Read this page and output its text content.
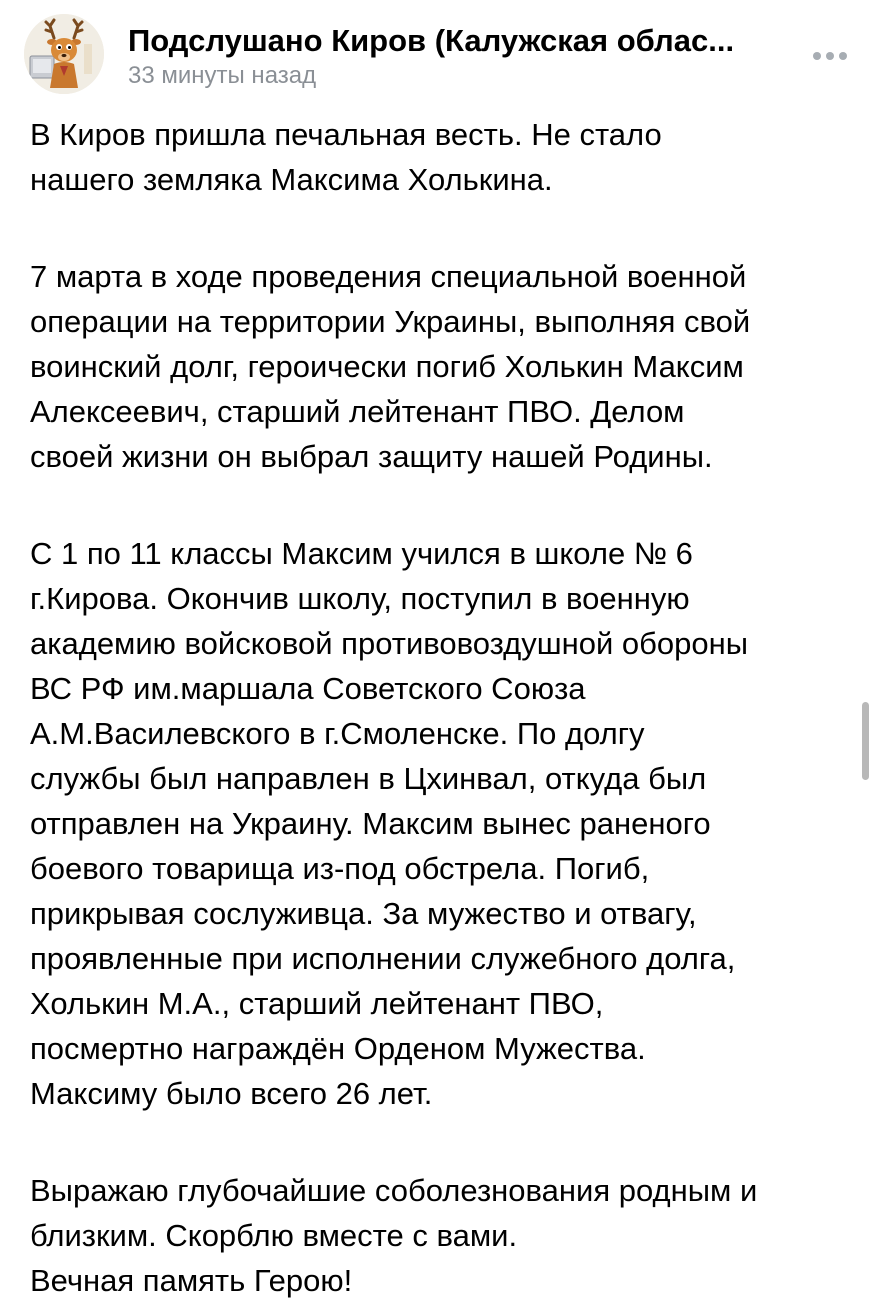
Подслушано Киров (Калужская облас...
33 минуты назад

В Киров пришла печальная весть. Не стало
нашего земляка Максима Холькина.

7 марта в ходе проведения специальной военной
операции на территории Украины, выполняя свой
воинский долг, героически погиб Холькин Максим
Алексеевич, старший лейтенант ПВО. Делом
своей жизни он выбрал защиту нашей Родины.

С 1 по 11 классы Максим учился в школе № 6
г.Кирова. Окончив школу, поступил в военную
академию войсковой противовоздушной обороны
ВС РФ им.маршала Советского Союза
А.М.Василевского в г.Смоленске. По долгу
службы был направлен в Цхинвал, откуда был
отправлен на Украину. Максим вынес раненого
боевого товарища из-под обстрела. Погиб,
прикрывая сослуживца. За мужество и отвагу,
проявленные при исполнении служебного долга,
Холькин М.А., старший лейтенант ПВО,
посмертно награждён Орденом Мужества.
Максиму было всего 26 лет.

Выражаю глубочайшие соболезнования родным и
близким. Скорблю вместе с вами.
Вечная память Герою!
